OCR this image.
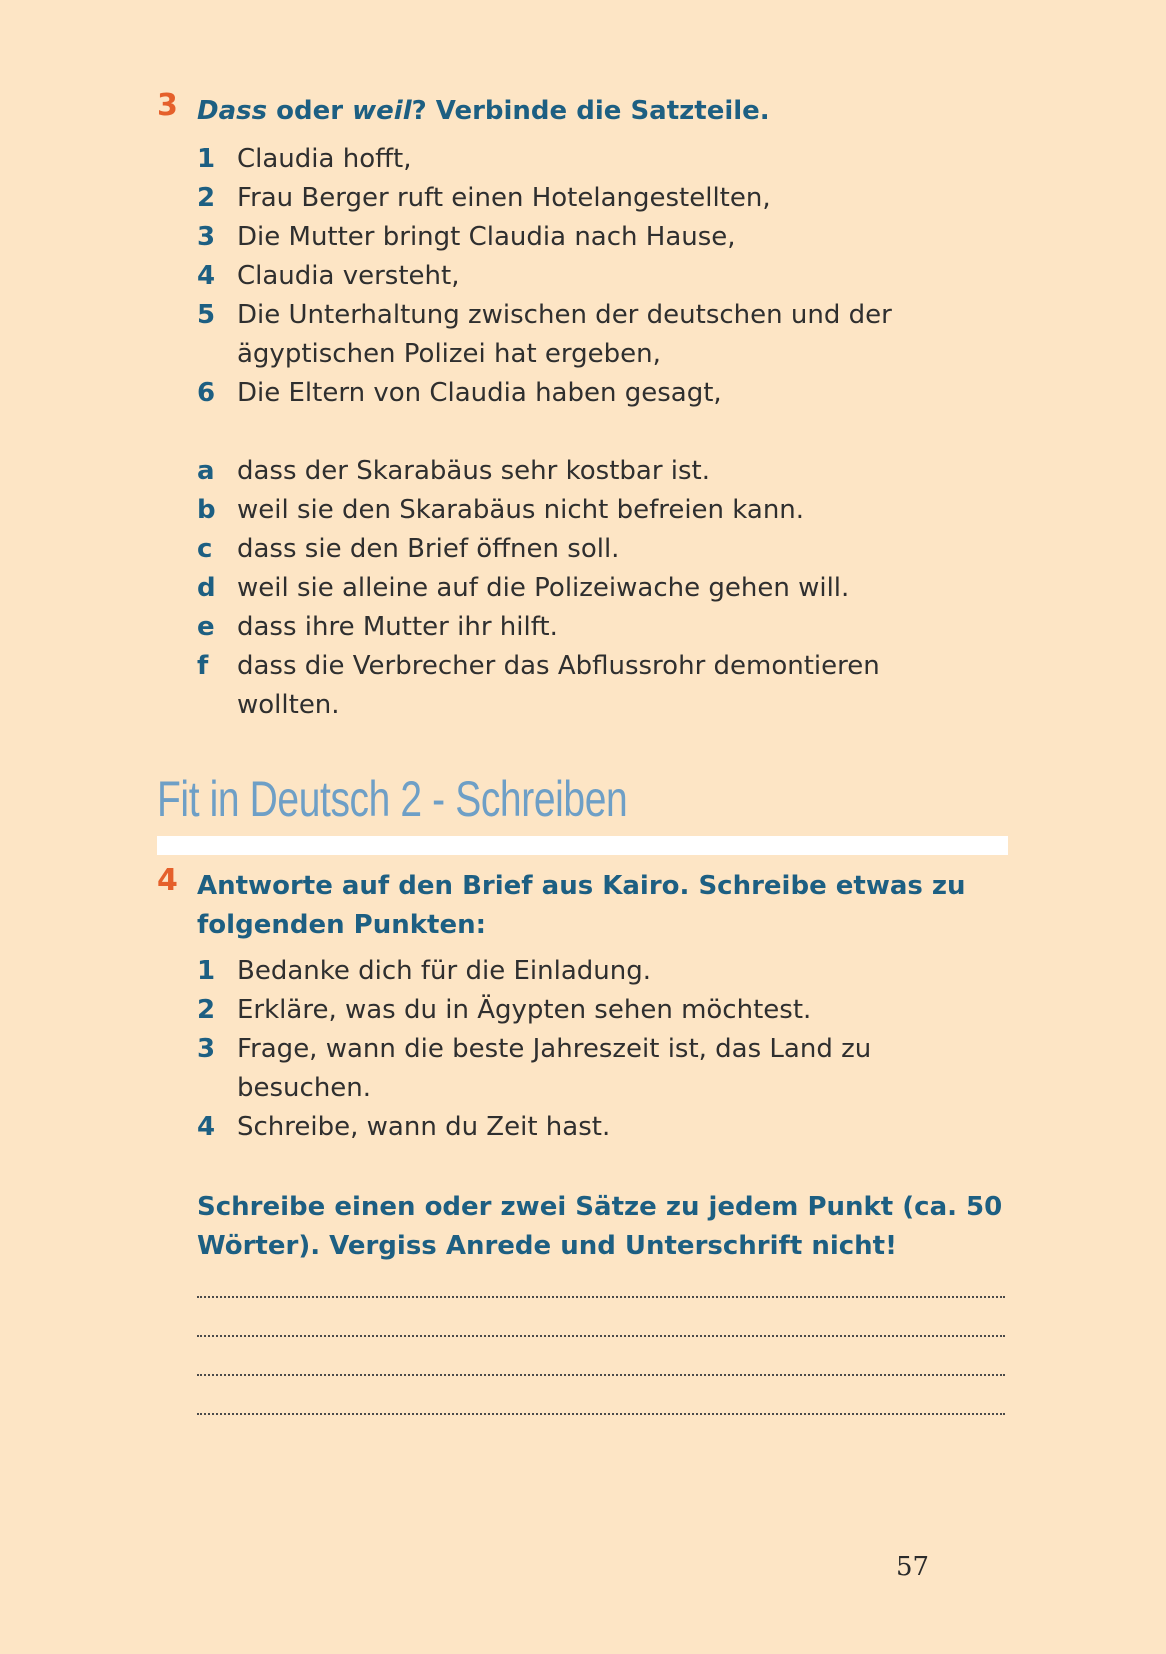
3 Dass oder weil? Verbinde die Satzteile.
1 Claudia hofft,
2 Frau Berger ruft einen Hotelangestellten,
3 Die Mutter bringt Claudia nach Hause,
4 Claudia versteht,
5 Die Unterhaltung zwischen der deutschen und der
ägyptischen Polizei hat ergeben,
6 Die Eltern von Claudia haben gesagt,
a dass der Skarabäus sehr kostbar ist.
b weil sie den Skarabäus nicht befreien kann.
c dass sie den Brief öffnen soll.
d weil sie alleine auf die Polizeiwache gehen will.
e dass ihre Mutter ihr hilft.
f	dass die Verbrecher das Abflussrohr demontieren
wollten.
Fit in Deutsch 2 - Schreiben
4 Antworte auf den Brief aus Kairo. Schreibe etwas zu
folgenden Punkten:
1 Bedanke dich für die Einladung.
2 Erkläre, was du in Ägypten sehen möchtest.
3 Frage, wann die beste Jahreszeit ist, das Land zu
besuchen.
4 Schreibe, wann du Zeit hast.
Schreibe einen oder zwei Sätze zu jedem Punkt (ca. 50
Wörter). Vergiss Anrede und Unterschrift nicht!
57
